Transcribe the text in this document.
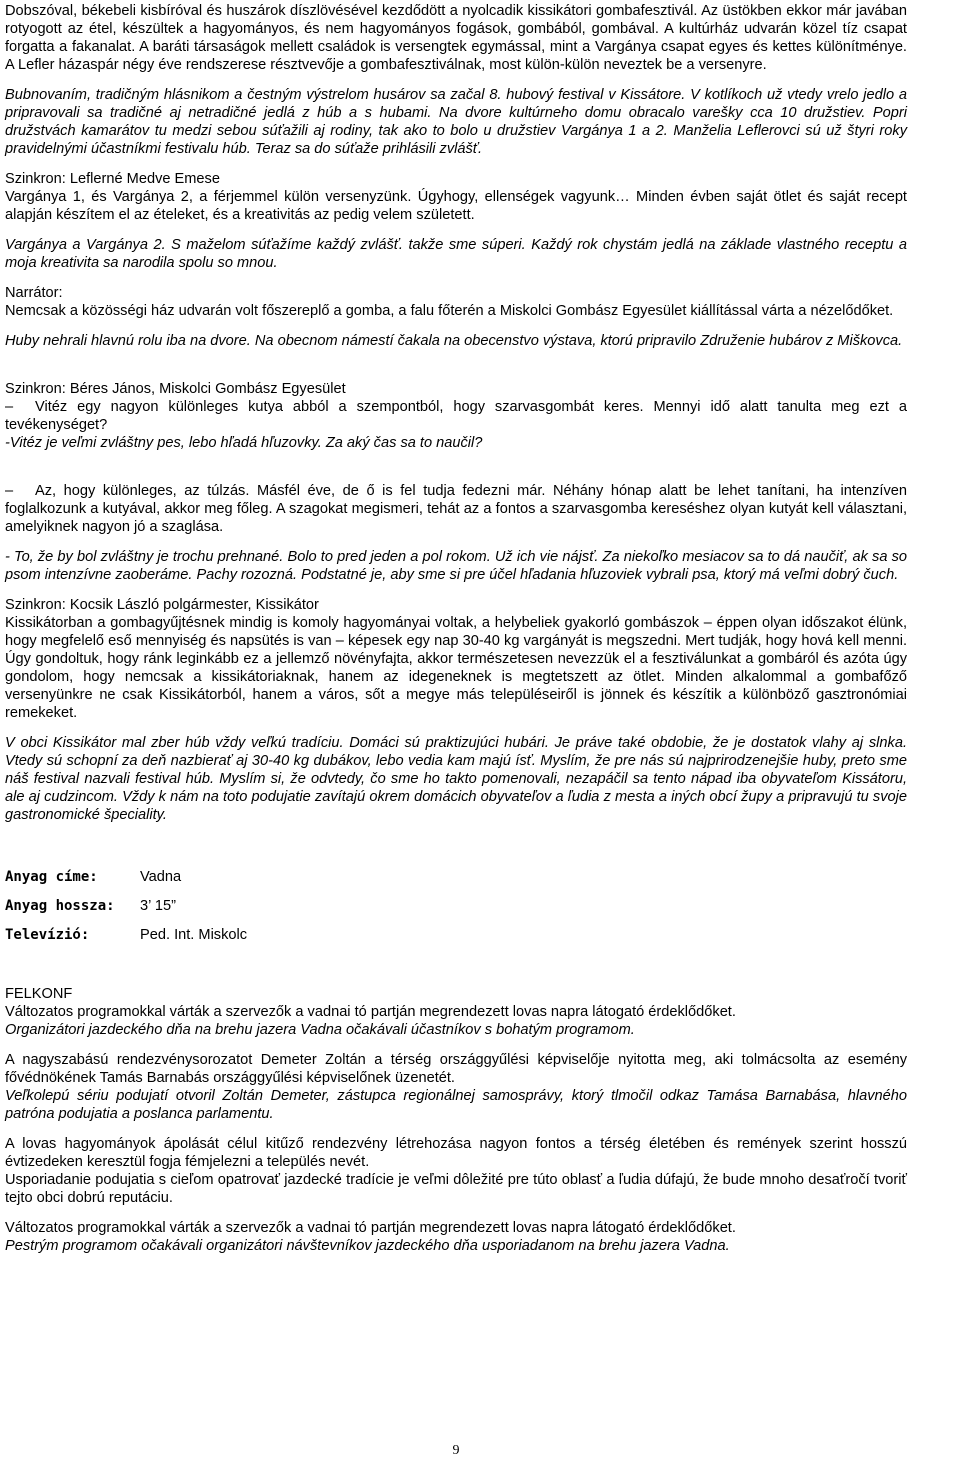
Dobszóval, békebeli kisbíróval és huszárok díszlövésével kezdődött a nyolcadik kissikátori gombafesztivál. Az üstökben ekkor már javában rotyogott az étel, készültek a hagyományos, és nem hagyományos fogások, gombából, gombával. A kultúrház udvarán közel tíz csapat forgatta a fakanalat. A baráti társaságok mellett családok is versengtek egymással, mint a Vargánya csapat egyes és kettes különítménye. A Lefler házaspár négy éve rendszerese résztvevője a gombafesztiválnak, most külön-külön neveztek be a versenyre.

Bubnovaním, tradičným hlásnikom a čestným výstrelom husárov sa začal 8. hubový festival v Kissátore. V kotlíkoch už vtedy vrelo jedlo a pripravovali sa tradičné aj netradičné jedlá z húb a s hubami. Na dvore kultúrneho domu obracalo varešky cca 10 družstiev. Popri družstvách kamarátov tu medzi sebou súťažili aj rodiny, tak ako to bolo u družstiev Vargánya 1 a 2. Manželia Leflerovci sú už štyri roky pravidelnými účastníkmi festivalu húb. Teraz sa do súťaže prihlásili zvlášť.

Szinkron: Leflerné Medve Emese

Vargánya 1, és Vargánya 2, a férjemmel külön versenyzünk. Úgyhogy, ellenségek vagyunk… Minden évben saját ötlet és saját recept alapján készítem el az ételeket, és a kreativitás az pedig velem született.

Vargánya a Vargánya 2. S mažel​om súťažíme každý zvlášť. takže sme súperi. Každý rok chystám jedlá na základe vlastného receptu a moja kreativita sa narodila spolu so mnou.

Narrátor:

Nemcsak a közösségi ház udvarán volt főszereplő a gomba, a falu főterén a Miskolci Gombász Egyesület kiállítással várta a nézelődőket.

Huby nehrali hlavnú rolu iba na dvore. Na obecnom námestí čakala na obecenstvo výstava, ktorú pripravilo Združenie hubárov z Miškovca.

Szinkron: Béres János, Miskolci Gombász Egyesület

– Vitéz egy nagyon különleges kutya abból a szempontból, hogy szarvasgombát keres. Mennyi idő alatt tanulta meg ezt a tevékenységet?

-Vitéz je veľmi zvláštny pes, lebo hľadá hľuzovky. Za aký čas sa to naučil?

– Az, hogy különleges, az túlzás. Másfél éve, de ő is fel tudja fedezni már. Néhány hónap alatt be lehet tanítani, ha intenzíven foglalkozunk a kutyával, akkor meg főleg. A szagokat megismeri, tehát az a fontos a szarvasgomba kereséshez olyan kutyát kell választani, amelyiknek nagyon jó a szaglása.

- To, že by bol zvláštny je trochu prehnané. Bolo to pred jeden a pol rokom. Už ich vie nájsť. Za niekoľko mesiacov sa to dá naučiť, ak sa so psom intenzívne zaoberáme. Pachy rozozná. Podstatné je, aby sme si pre účel hľadania hľuzoviek vybrali psa, ktorý má veľmi dobrý čuch.

Szinkron: Kocsik László polgármester, Kissikátor

Kissikátorban a gombagyűjtésnek mindig is komoly hagyományai voltak, a helybeliek gyakorló gombászok – éppen olyan időszakot élünk, hogy megfelelő eső mennyiség és napsütés is van – képesek egy nap 30-40 kg vargányát is megszedni. Mert tudják, hogy hová kell menni. Úgy gondoltuk, hogy ránk leginkább ez a jellemző növényfajta, akkor természetesen nevezzük el a fesztiválunkat a gombáról és azóta úgy gondolom, hogy nemcsak a kissikátoriaknak, hanem az idegeneknek is megtetszett az ötlet. Minden alkalommal a gombafőző versenyünkre ne csak Kissikátorból, hanem a város, sőt a megye más településeiről is jönnek és készítik a különböző gasztronómiai remekeket.

V obci Kissikátor mal zber húb vždy veľkú tradíciu. Domáci sú praktizujúci hubári. Je práve také obdobie, že je dostatok vlahy aj slnka. Vtedy sú schopní za deň nazbierať aj 30-40 kg dubákov, lebo vedia kam majú ísť. Myslím, že pre nás sú najprirodzenejšie huby, preto sme náš festival nazvali festival húb. Myslím si, že odvtedy, čo sme ho takto pomenovali, nezapáčil sa tento nápad iba obyvateľom Kissátoru, ale aj cudzincom. Vždy k nám na toto podujatie zavítajú okrem domácich obyvateľov a ľudia z mesta a iných obcí župy a pripravujú tu svoje gastronomické špeciality.

Anyag címe:	Vadna
Anyag hossza:	3’ 15”
Televízió:	Ped. Int. Miskolc

FELKONF

Változatos programokkal várták a szervezők a vadnai tó partján megrendezett lovas napra látogató érdeklődőket.

Organizátori jazdeckého dňa na brehu jazera Vadna očakávali účastníkov s bohatým programom.

A nagyszabású rendezvénysorozatot Demeter Zoltán a térség országgyűlési képviselője nyitotta meg, aki tolmácsolta az esemény fővédnökének Tamás Barnabás országgyűlési képviselőnek üzenetét.

Veľkolepú sériu podujatí otvoril Zoltán Demeter, zástupca regionálnej samosprávy, ktorý tlmočil odkaz Tamása Barnabása, hlavného patróna podujatia a poslanca parlamentu.

A lovas hagyományok ápolását célul kitűző rendezvény létrehozása nagyon fontos a térség életében és remények szerint hosszú évtizedeken keresztül fogja fémjelezni a település nevét.

Usporiadanie podujatia s cieľom opatrovať jazdecké tradície je veľmi dôležité pre túto oblasť a ľudia dúfajú, že bude mnoho desaťročí tvoriť tejto obci dobrú reputáciu.

Változatos programokkal várták a szervezők a vadnai tó partján megrendezett lovas napra látogató érdeklődőket.

Pestrým programom očakávali organizátori návštevníkov jazdeckého dňa usporiadanom na brehu jazera Vadna.

9
